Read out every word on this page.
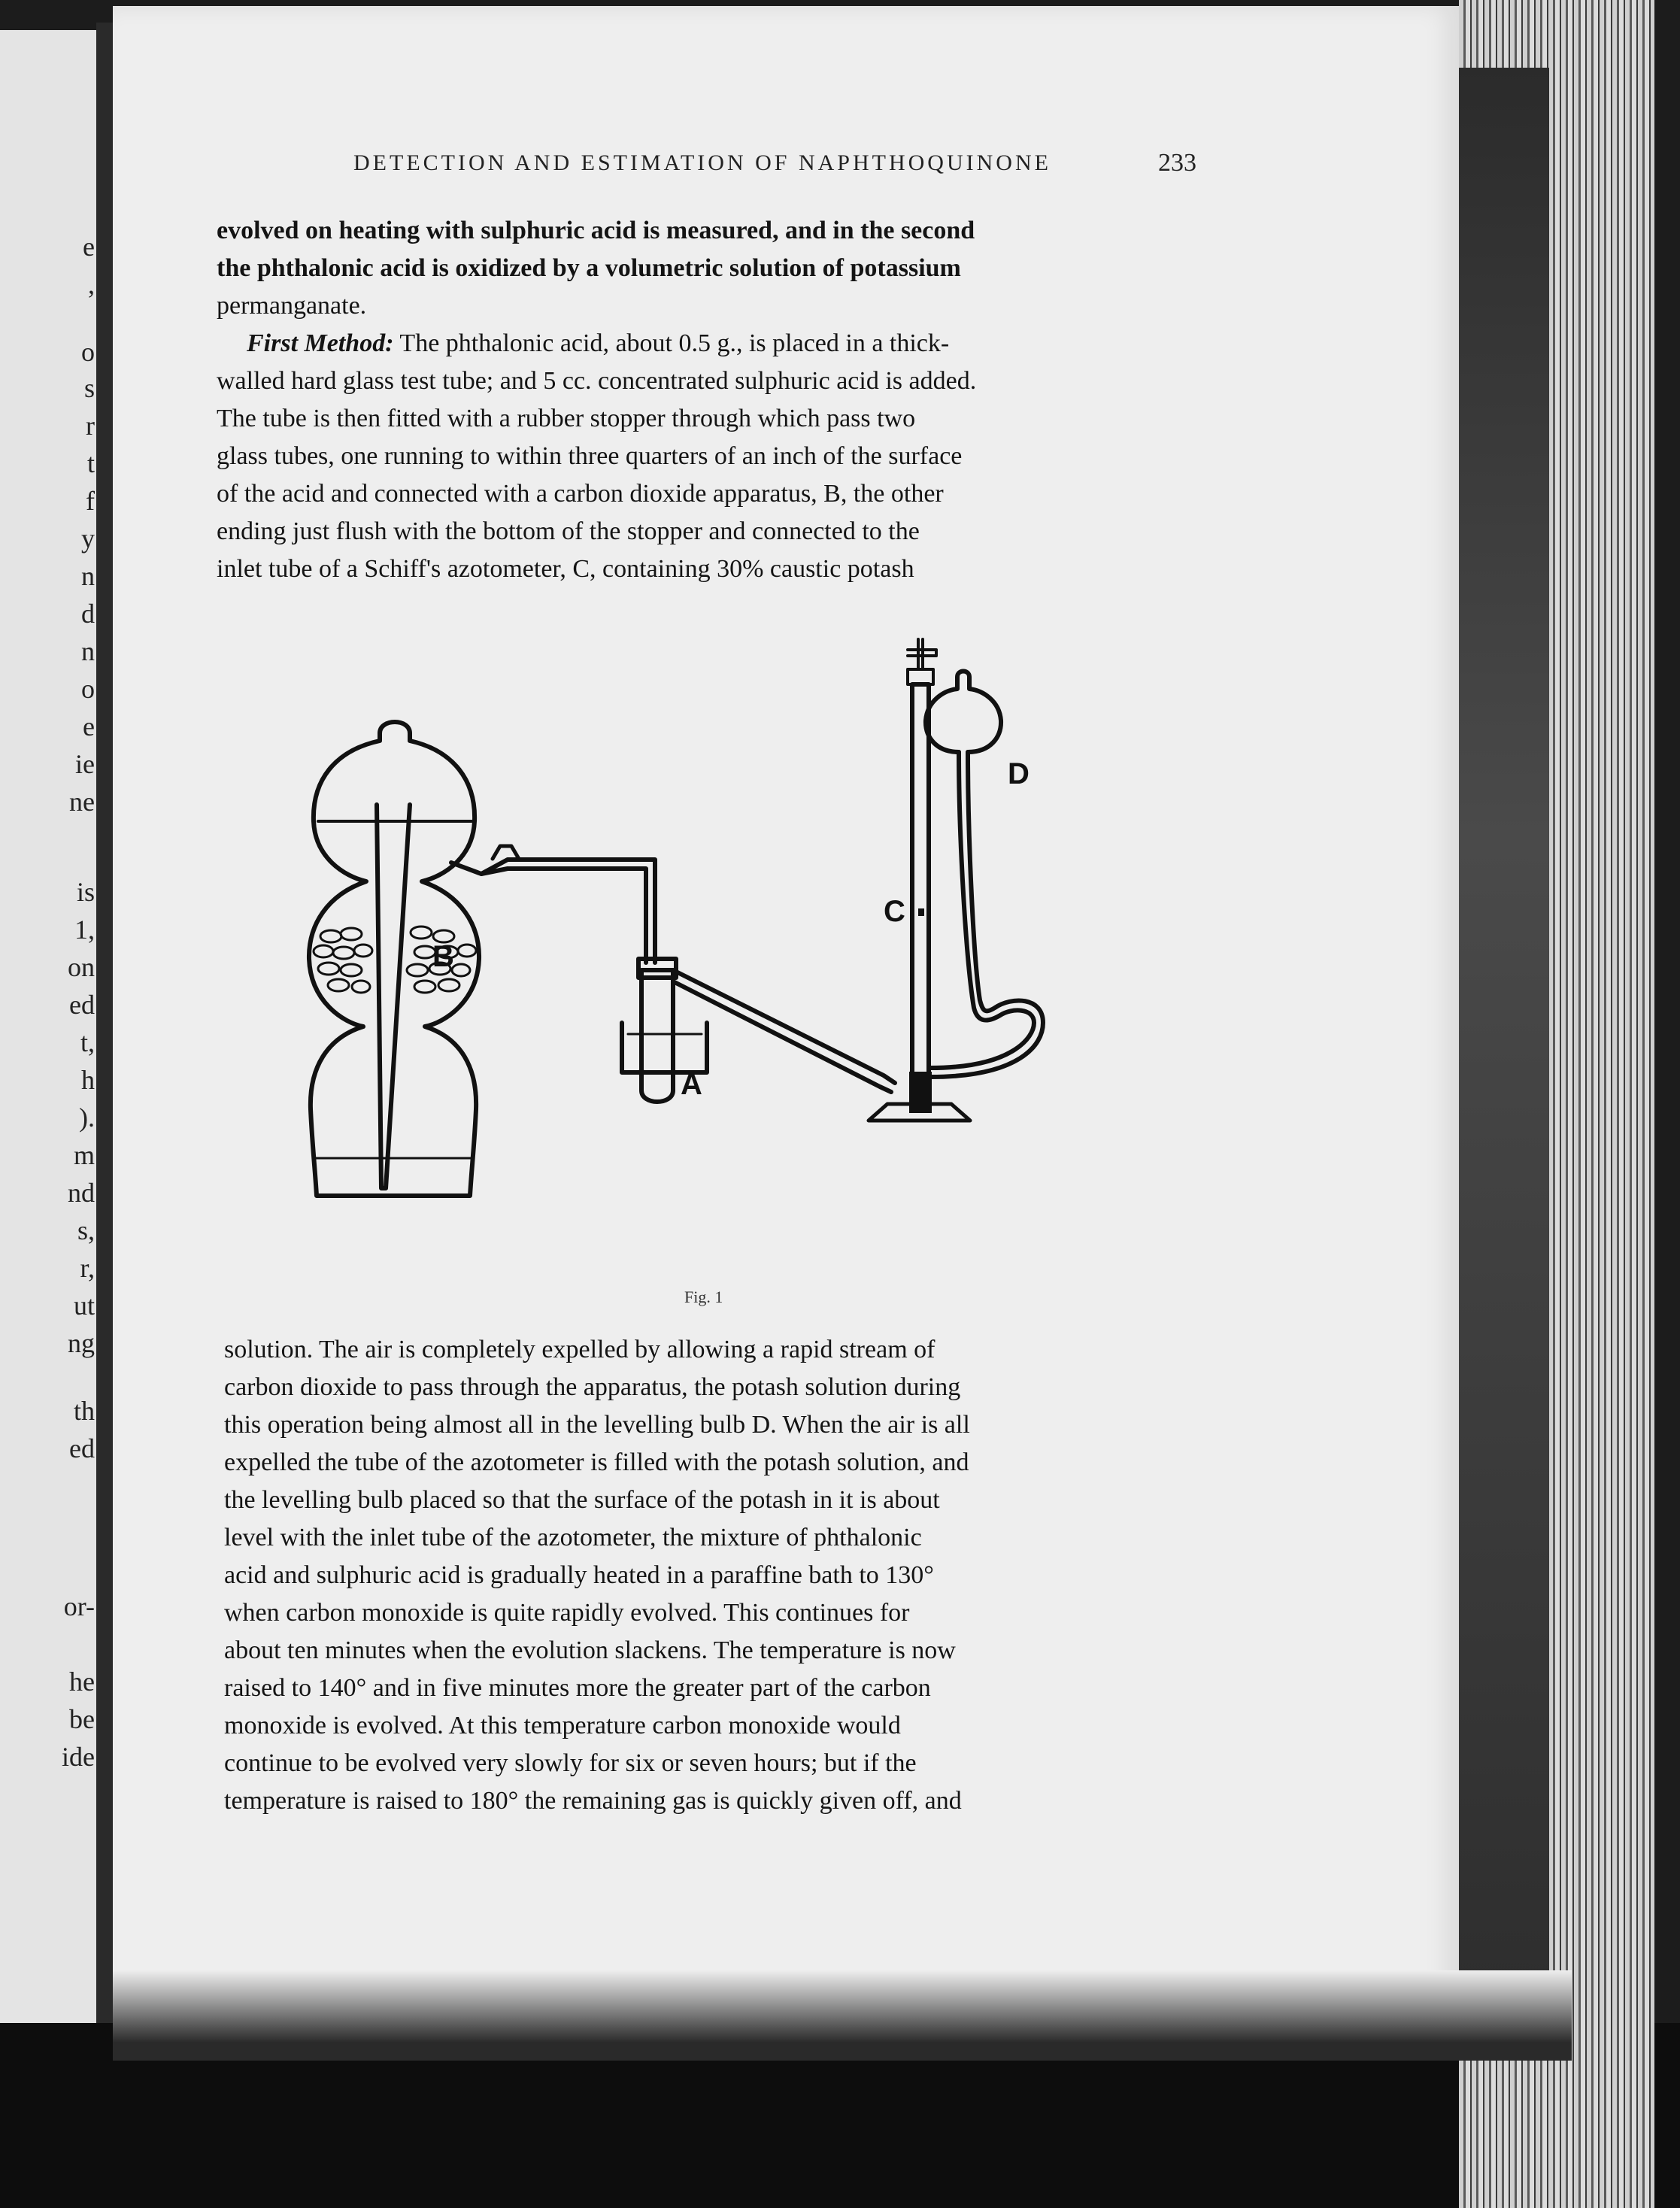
e
,
o
s
r
t
f
y
n
d
n
o
e
ie
ne
is
1,
on
ed
t,
h
).
m
nd
s,
r,
ut
ng
th
ed
or-
he
be
ide
DETECTION AND ESTIMATION OF NAPHTHOQUINONE	233
evolved on heating with sulphuric acid is measured, and in the second
the phthalonic acid is oxidized by a volumetric solution of potassium
permanganate.
First Method: The phthalonic acid, about 0.5 g., is placed in a thick-
walled hard glass test tube; and 5 cc. concentrated sulphuric acid is added.
The tube is then fitted with a rubber stopper through which pass two
glass tubes, one running to within three quarters of an inch of the surface
of the acid and connected with a carbon dioxide apparatus, B, the other
ending just flush with the bottom of the stopper and connected to the
inlet tube of a Schiff's azotometer, C, containing 30% caustic potash
B
A
C
D
Fig. 1
solution. The air is completely expelled by allowing a rapid stream of
carbon dioxide to pass through the apparatus, the potash solution during
this operation being almost all in the levelling bulb D. When the air is all
expelled the tube of the azotometer is filled with the potash solution, and
the levelling bulb placed so that the surface of the potash in it is about
level with the inlet tube of the azotometer, the mixture of phthalonic
acid and sulphuric acid is gradually heated in a paraffine bath to 130°
when carbon monoxide is quite rapidly evolved. This continues for
about ten minutes when the evolution slackens. The temperature is now
raised to 140° and in five minutes more the greater part of the carbon
monoxide is evolved. At this temperature carbon monoxide would
continue to be evolved very slowly for six or seven hours; but if the
temperature is raised to 180° the remaining gas is quickly given off, and
